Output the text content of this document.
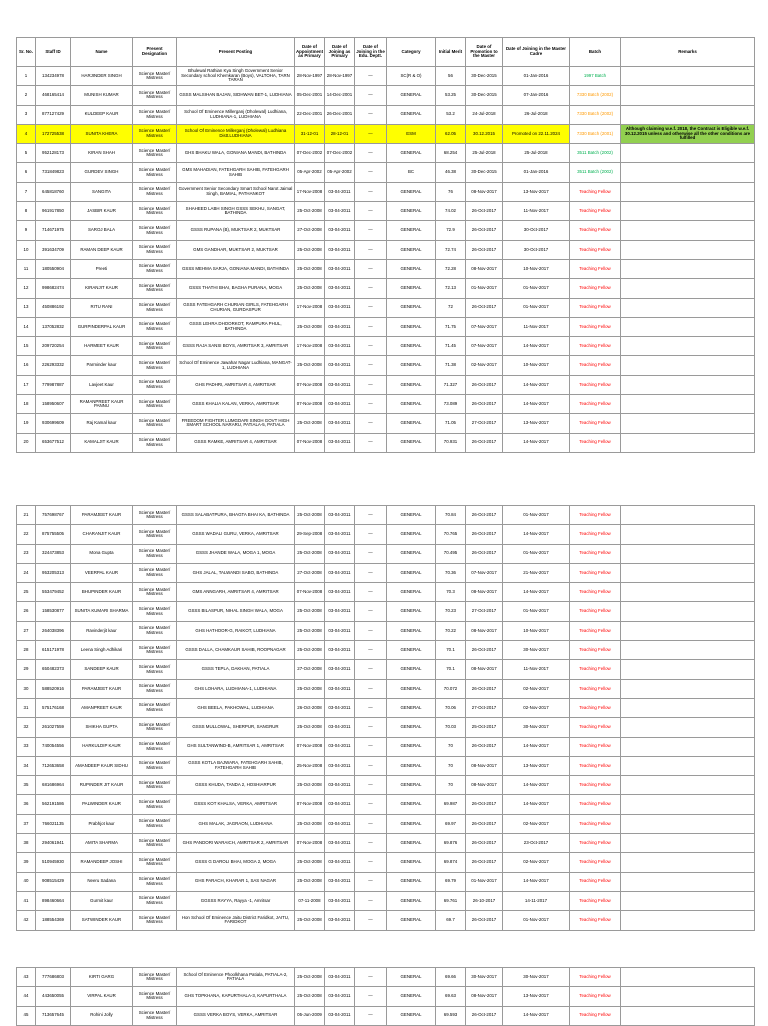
Sr. No.	Staff ID	Name	Present Designation	Present Posting	Date of Appointment as Primary	Date of Joining as Primary	Date of Joining in the Edu. Deptt.	Category	Initial Merit	Date of Promotion to the Master	Date of Joining in the Master Cadre	Batch	Remarks
1	134234978	HARJINDER SINGH	Science Master/ Mistress	Bhulewal Rathian Kya Singh Government Senior Secondary school Khemkaran (Boys), VALTOHA, TARN TARAN	28-Nov-1997	28-Nov-1997	—	SC(R & O)	56	30-Dec-2015	01-Jan-2016	1997 Batch	
2	468165414	MUNISH KUMAR	Science Master/ Mistress	GSSS MALSIHAN BAJAN, SIDHWAN BET-1, LUDHIANA	05-Dec-2001	14-Dec-2001	—	GENERAL	53.25	30-Dec-2015	07-Jan-2016	7330 Batch (2002)	
3	877127429	KULDEEP KAUR	Science Master/ Mistress	School Of Eminence Millerganj (Dholewal) Ludhiana, LUDHIANA-1, LUDHIANA	22-Dec-2001	26-Dec-2001	—	GENERAL	53.2	24-Jul-2018	26-Jul-2018	7330 Batch (2002)	
4	172725538	SUNITA KHERA	Science Master/ Mistress	School Of Eminence Millerganj (Dholewal) Ludhiana Distt.LUDHIANA	31-12-01	28-12-01	—	ESM	62.05	30.12.2015	Promoted on 22.11.2024	7330 Batch (2001)	Although claiming w.e.f. 2018, the Contract is Eligible w.e.f. 30.12.2015 unless and otherwise all the other conditions are fulfilled
5	952128173	KIRAN SHAH	Science Master/ Mistress	GHS BHAKU WALA, GONIANA MANDI, BATHINDA	07-Dec-2002	07-Dec-2002	—	GENERAL	68.254	25-Jul-2018	25-Jul-2018	3511 Batch (2002)	
6	731849823	GURDEV SINGH	Science Master/ Mistress	GMS MAHADIAN, FATEHGARH SAHIB, FATEHGARH SAHIB	05-Apr-2002	05-Apr-2002	—	BC	46.38	30-Dec-2015	01-Jan-2016	3511 Batch (2002)	
7	645818760	SANGITA	Science Master/ Mistress	Government Senior Secondary Smart School Narot Jaimal Singh, BAMIAL, PATHANKOT	17-Nov-2008	03-04-2011	—	GENERAL	76	08-Nov-2017	13-Nov-2017	Teaching Fellow	
8	961917850	JASBIR KAUR	Science Master/ Mistress	SHAHEED LABH SINGH GSSS SEKHU, SANGAT, BATHINDA	25-Oct-2008	03-04-2011	—	GENERAL	74.02	26-Oct-2017	11-Nov-2017	Teaching Fellow	
9	714671975	SAROJ BALA	Science Master/ Mistress	GSSS RUPANA (B), MUKTSAR 2, MUKTSAR	27-Oct-2008	03-04-2011	—	GENERAL	72.9	26-Oct-2017	30-Oct-2017	Teaching Fellow	
10	391634709	RAMAN DEEP KAUR	Science Master/ Mistress	GMS GANDHAR, MUKTSAR 2, MUKTSAR	25-Oct-2008	03-04-2011	—	GENERAL	72.74	26-Oct-2017	30-Oct-2017	Teaching Fellow	
11	180550904	Preeti	Science Master/ Mistress	GSSS MEHMA SARJA, GONIANA MANDI, BATHINDA	25-Oct-2008	03-04-2011	—	GENERAL	72.28	08-Nov-2017	10-Nov-2017	Teaching Fellow	
12	998682474	KIRANJIT KAUR	Science Master/ Mistress	GSSS THATHI BHAI, BAGHA PURANA, MOGA	25-Oct-2008	03-04-2011	—	GENERAL	72.13	01-Nov-2017	01-Nov-2017	Teaching Fellow	
13	450886192	RITU RANI	Science Master/ Mistress	GSSS FATEHGARH CHURIAN GIRLS, FATEHGARH CHURIAN, GURDASPUR	17-Nov-2008	03-04-2011	—	GENERAL	72	26-Oct-2017	01-Nov-2017	Teaching Fellow	
14	137052832	GURPINDERPAL KAUR	Science Master/ Mistress	GSSS LEHRA DHOORKOT, RAMPURA PHUL, BATHINDA	25-Oct-2008	03-04-2011	—	GENERAL	71.75	07-Nov-2017	11-Nov-2017	Teaching Fellow	
15	209720254	HARMEET KAUR	Science Master/ Mistress	GSSS RAJA SANSI BOYS, AMRITSAR 3, AMRITSAR	17-Nov-2008	03-04-2011	—	GENERAL	71.45	07-Nov-2017	14-Nov-2017	Teaching Fellow	
16	226293332	Parminder kaur	Science Master/ Mistress	School Of Eminence Jawahar Nagar Ludhiana, MANGAT-1, LUDHIANA	25-Oct-2008	03-04-2011	—	GENERAL	71.38	02-Nov-2017	10-Nov-2017	Teaching Fellow	
17	779987887	Lavjeet Kaur	Science Master/ Mistress	GHS PADHRI, AMRITSAR 4, AMRITSAR	07-Nov-2008	03-04-2011	—	GENERAL	71.327	26-Oct-2017	14-Nov-2017	Teaching Fellow	
18	158950607	RAMANPREET KAUR PANNU	Science Master/ Mistress	GSSS KHALIA KALAN, VERKA, AMRITSAR	07-Nov-2008	03-04-2011	—	GENERAL	73.089	26-Oct-2017	14-Nov-2017	Teaching Fellow	
19	930699609	Raj Kamal kaur	Science Master/ Mistress	FREEDOM FIGHTER LUMGDARI SINGH GOVT HIGH SMART SCHOOL NARARU, PATIALA-5, PATIALA	25-Oct-2008	03-04-2011	—	GENERAL	71.05	27-Oct-2017	13-Nov-2017	Teaching Fellow	
20	653677512	KAMALJIT KAUR	Science Master/ Mistress	GSSS RAMKE, AMRITSAR 4, AMRITSAR	07-Nov-2008	03-04-2011	—	GENERAL	70.931	26-Oct-2017	14-Nov-2017	Teaching Fellow	
21	757698767	PARAMJEET KAUR	Science Master/ Mistress	GSSS SALABATPURA, BHAGTA BHAI KA, BATHINDA	25-Oct-2008	03-04-2011	—	GENERAL	70.84	26-Oct-2017	01-Nov-2017	Teaching Fellow	
22	875755505	CHARANJIT KAUR	Science Master/ Mistress	GSSS WADALI GURU, VERKA, AMRITSAR	29-Sep-2008	03-04-2011	—	GENERAL	70.765	26-Oct-2017	14-Nov-2017	Teaching Fellow	
23	324473853	Mona Gupta	Science Master/ Mistress	GSSS JHANDE WALA, MOGA 1, MOGA	25-Oct-2008	03-04-2011	—	GENERAL	70.495	26-Oct-2017	01-Nov-2017	Teaching Fellow	
24	953205313	VEERPAL KAUR	Science Master/ Mistress	GHS JALAL, TALWANDI SABO, BATHINDA	27-Oct-2008	03-04-2011	—	GENERAL	70.36	07-Nov-2017	21-Nov-2017	Teaching Fellow	
25	553479452	BHUPINDER KAUR	Science Master/ Mistress	GMS ANNGARH, AMRITSAR 4, AMRITSAR	07-Nov-2008	03-04-2011	—	GENERAL	70.3	08-Nov-2017	14-Nov-2017	Teaching Fellow	
26	158530877	SUNITA KUMARI SHARMA	Science Master/ Mistress	GSSS BILASPUR, NIHAL SINGH WALA, MOGA	25-Oct-2008	03-04-2011	—	GENERAL	70.23	27-Oct-2017	01-Nov-2017	Teaching Fellow	
27	264038396	Ravinderjit kaur	Science Master/ Mistress	GHS HATHOOR-G, RAIKOT, LUDHIANA	25-Oct-2008	03-04-2011	—	GENERAL	70.22	08-Nov-2017	10-Nov-2017	Teaching Fellow	
28	615171978	Leena Singh Adhikari	Science Master/ Mistress	GSSS DALLA, CHAMKAUR SAHIB, ROOPNAGAR	25-Oct-2008	03-04-2011	—	GENERAL	70.1	26-Oct-2017	30-Nov-2017	Teaching Fellow	
29	650482373	SANDEEP KAUR	Science Master/ Mistress	GSSS TEPLA, DAKHAN, PATIALA	27-Oct-2008	03-04-2011	—	GENERAL	70.1	08-Nov-2017	11-Nov-2017	Teaching Fellow	
30	588520916	PARAMJEET KAUR	Science Master/ Mistress	GHS LOHARA, LUDHIANA-1, LUDHIANA	25-Oct-2008	03-04-2011	—	GENERAL	70.072	26-Oct-2017	02-Nov-2017	Teaching Fellow	
31	575176168	AMANPREET KAUR	Science Master/ Mistress	GHS BEELA, PAKHOWAL, LUDHIANA	26-Oct-2008	03-04-2011	—	GENERAL	70.06	27-Oct-2017	02-Nov-2017	Teaching Fellow	
32	261027559	SHIKHA GUPTA	Science Master/ Mistress	GSSS MULLOWAL, SHERPUR, SANGRUR	25-Oct-2008	03-04-2011	—	GENERAL	70.03	25-Oct-2017	30-Nov-2017	Teaching Fellow	
33	740054556	HARKULDIP KAUR	Science Master/ Mistress	GHS SULTANWIND-B, AMRITSAR 1, AMRITSAR	07-Nov-2008	03-04-2011	—	GENERAL	70	26-Oct-2017	14-Nov-2017	Teaching Fellow	
34	712653658	AMANDEEP KAUR SIDHU	Science Master/ Mistress	GSSS KOTLA BAJWARA, FATEHGARH SAHIB, FATEHGARH SAHIB	25-Nov-2008	03-04-2011	—	GENERAL	70	08-Nov-2017	13-Nov-2017	Teaching Fellow	
35	681686964	RUPINDER JIT KAUR	Science Master/ Mistress	GSSS KHUDA, TANDA 2, HOSHIARPUR	25-Oct-2008	03-04-2011	—	GENERAL	70	08-Nov-2017	14-Nov-2017	Teaching Fellow	
36	562191586	PALWINDER KAUR	Science Master/ Mistress	GSSS KOT KHALSA, VERKA, AMRITSAR	07-Nov-2008	03-04-2011	—	GENERAL	69.987	26-Oct-2017	14-Nov-2017	Teaching Fellow	
37	766021135	Prabhjot kaur	Science Master/ Mistress	GHS MALAK, JAGRAON, LUDHIANA	25-Oct-2008	03-04-2011	—	GENERAL	69.97	26-Oct-2017	02-Nov-2017	Teaching Fellow	
38	294061941	AMITA SHARMA	Science Master/ Mistress	GHS PANDORI WARAICH, AMRITSAR 2, AMRITSAR	07-Nov-2008	03-04-2011	—	GENERAL	69.876	26-Oct-2017	23-Oct-2017	Teaching Fellow	
39	510945930	RAMANDEEP JOSHI	Science Master/ Mistress	GSSS G DAROLI BHAI, MOGA 2, MOGA	25-Oct-2008	03-04-2011	—	GENERAL	69.874	26-Oct-2017	02-Nov-2017	Teaching Fellow	
40	908515429	Neeru Sadana	Science Master/ Mistress	GHS PARACH, KHARAR 1, SAS NAGAR	25-Oct-2008	03-04-2011	—	GENERAL	69.79	01-Nov-2017	14-Nov-2017	Teaching Fellow	
41	898460664	Gurmit kaur	Science Master/ Mistress	GGSSS RAYYA, Rayya -1, Amritsar	07-11-2008	03-04-2011	—	GENERAL	69.761	26-10-2017	14-11-2017	Teaching Fellow	
42	188554369	SATWINDER KAUR	Science Master/ Mistress	Hon School Of Eminence Jaitu District Faridkot, JAITU, FARIDKOT	25-Oct-2008	03-04-2011	—	GENERAL	69.7	26-Oct-2017	01-Nov-2017	Teaching Fellow	
43	777686803	KIRTI GARG	Science Master/ Mistress	School Of Eminence Phoolkhana Patiala, PATIALA-2, PATIALA	25-Oct-2008	03-04-2011	—	GENERAL	69.66	30-Nov-2017	30-Nov-2017	Teaching Fellow	
44	443650055	VIRPAL KAUR	Science Master/ Mistress	GHS TOPKHANA, KAPURTHALA-3, KAPURTHALA	25-Oct-2008	03-04-2011	—	GENERAL	69.63	08-Nov-2017	13-Nov-2017	Teaching Fellow	
45	713657645	Rohini Jolly	Science Master/ Mistress	GSSS VERKA BOYS, VERKA, AMRITSAR	05-Jun-2009	03-04-2011	—	GENERAL	69.593	26-Oct-2017	14-Nov-2017	Teaching Fellow	
